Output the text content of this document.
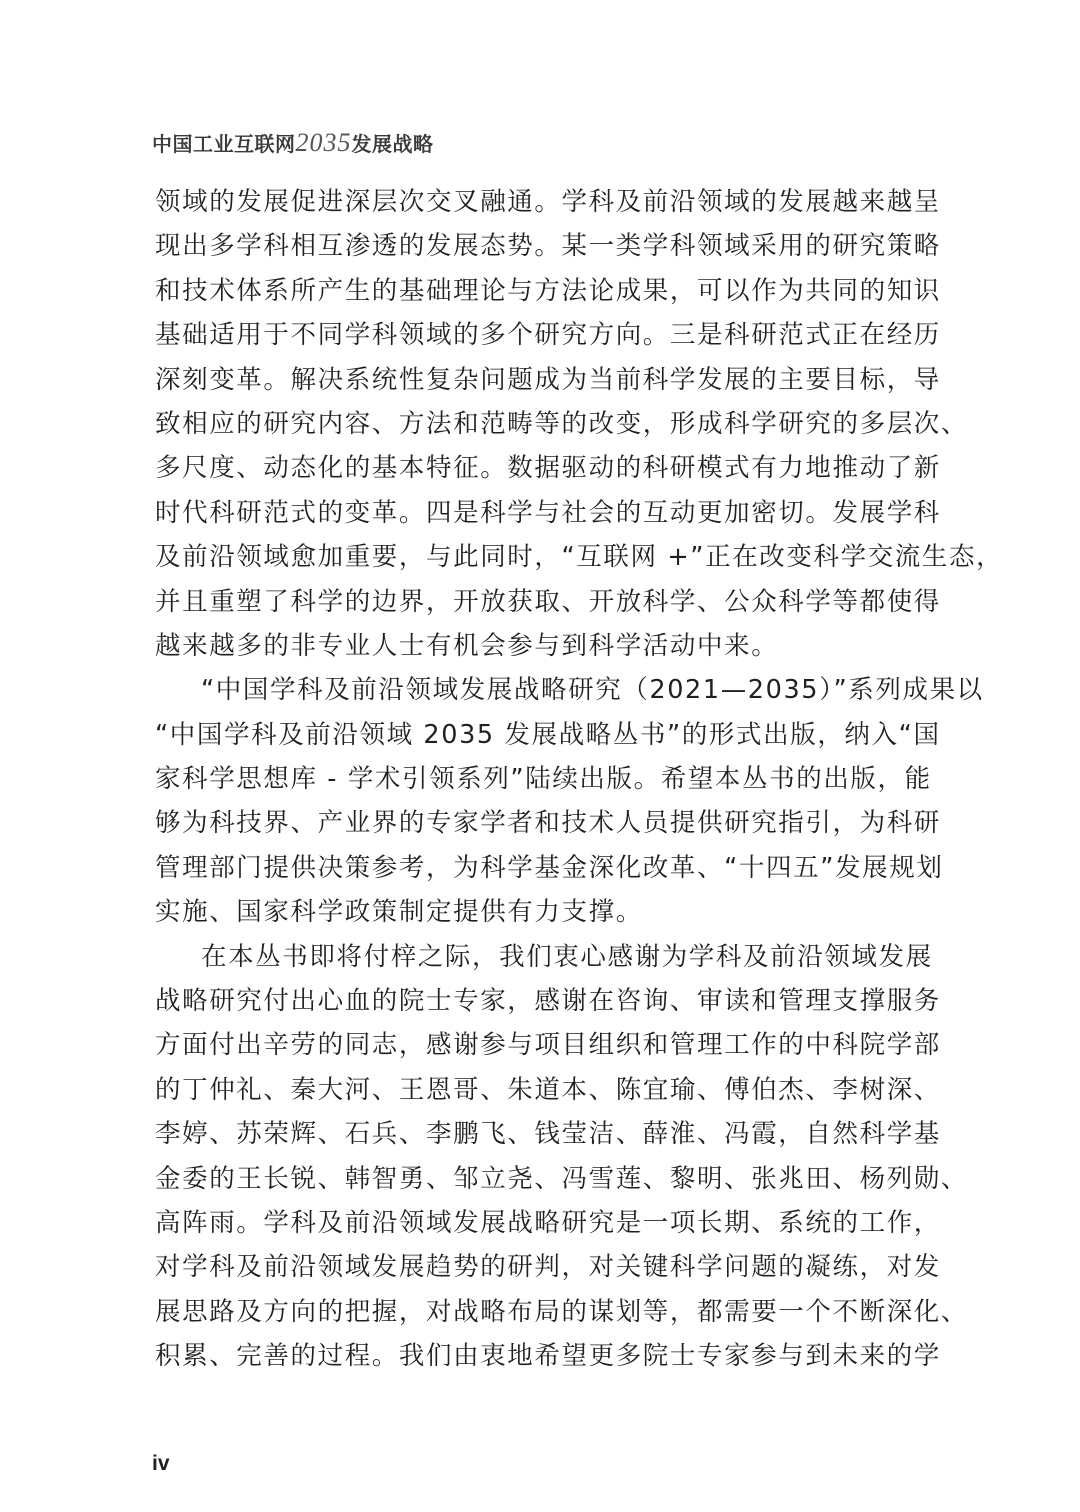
中国工业互联网2035发展战略
领域的发展促进深层次交叉融通。学科及前沿领域的发展越来越呈
现出多学科相互渗透的发展态势。某一类学科领域采用的研究策略
和技术体系所产生的基础理论与方法论成果，可以作为共同的知识
基础适用于不同学科领域的多个研究方向。三是科研范式正在经历
深刻变革。解决系统性复杂问题成为当前科学发展的主要目标，导
致相应的研究内容、方法和范畴等的改变，形成科学研究的多层次、
多尺度、动态化的基本特征。数据驱动的科研模式有力地推动了新
时代科研范式的变革。四是科学与社会的互动更加密切。发展学科
及前沿领域愈加重要，与此同时，“互联网 +”正在改变科学交流生态，
并且重塑了科学的边界，开放获取、开放科学、公众科学等都使得
越来越多的非专业人士有机会参与到科学活动中来。
“中国学科及前沿领域发展战略研究（2021—2035）”系列成果以
“中国学科及前沿领域 2035 发展战略丛书”的形式出版，纳入“国
家科学思想库 - 学术引领系列”陆续出版。希望本丛书的出版，能
够为科技界、产业界的专家学者和技术人员提供研究指引，为科研
管理部门提供决策参考，为科学基金深化改革、“十四五”发展规划
实施、国家科学政策制定提供有力支撑。
在本丛书即将付梓之际，我们衷心感谢为学科及前沿领域发展
战略研究付出心血的院士专家，感谢在咨询、审读和管理支撑服务
方面付出辛劳的同志，感谢参与项目组织和管理工作的中科院学部
的丁仲礼、秦大河、王恩哥、朱道本、陈宜瑜、傅伯杰、李树深、
李婷、苏荣辉、石兵、李鹏飞、钱莹洁、薛淮、冯霞，自然科学基
金委的王长锐、韩智勇、邹立尧、冯雪莲、黎明、张兆田、杨列勋、
高阵雨。学科及前沿领域发展战略研究是一项长期、系统的工作，
对学科及前沿领域发展趋势的研判，对关键科学问题的凝练，对发
展思路及方向的把握，对战略布局的谋划等，都需要一个不断深化、
积累、完善的过程。我们由衷地希望更多院士专家参与到未来的学
iv
